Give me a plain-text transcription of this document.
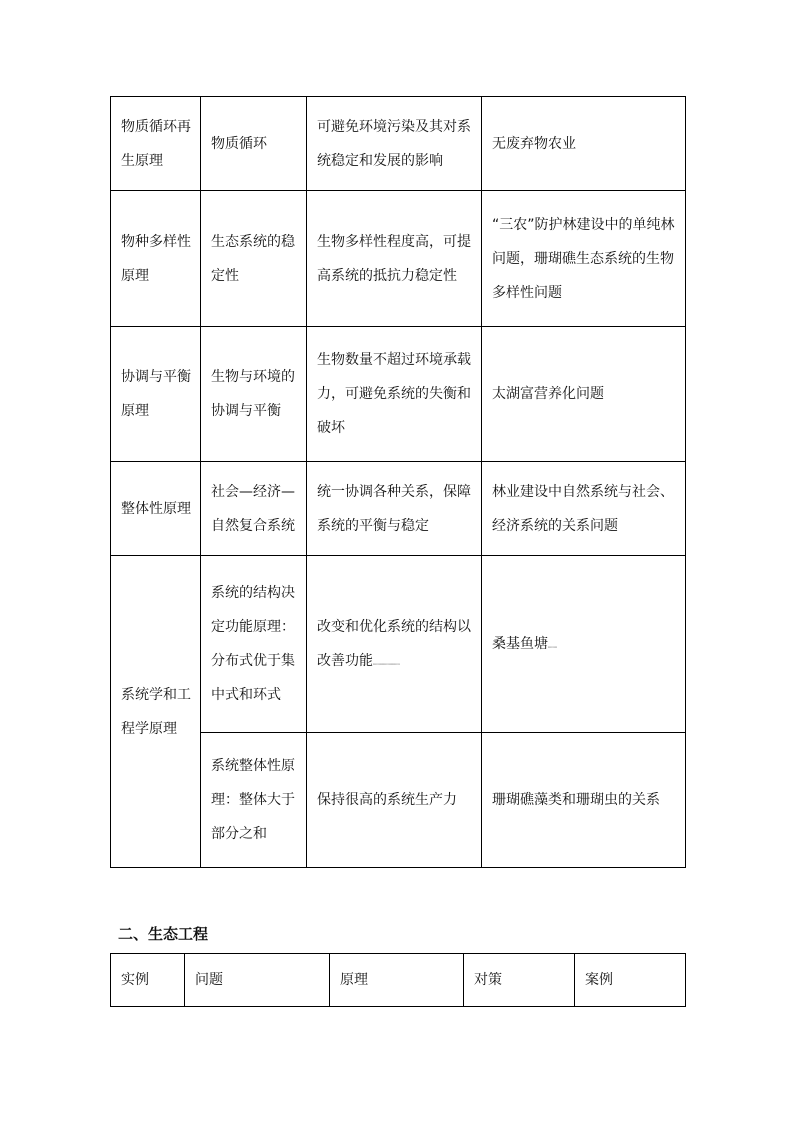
物质循环再生原理	物质循环	可避免环境污染及其对系统稳定和发展的影响	无废弃物农业

物种多样性原理	生态系统的稳定性	生物多样性程度高，可提高系统的抵抗力稳定性	“三农”防护林建设中的单纯林问题，珊瑚礁生态系统的生物多样性问题

协调与平衡原理	生物与环境的协调与平衡	生物数量不超过环境承载力，可避免系统的失衡和破坏	太湖富营养化问题

整体性原理	社会—经济—自然复合系统	统一协调各种关系，保障系统的平衡与稳定	林业建设中自然系统与社会、经济系统的关系问题

系统学和工程学原理	系统的结构决定功能原理：分布式优于集中式和环式	改变和优化系统的结构以改善功能ɪɪɪɪɪɪɪɪɪɪɪɪɪɪɪɪɪɪɪɪɪɪɪɪ	桑基鱼塘ɪɪɪɪɪɪɪɪ

	系统整体性原理：整体大于部分之和	保持很高的系统生产力	珊瑚礁藻类和珊瑚虫的关系
二、生态工程
实例	问题	原理	对策	案例
